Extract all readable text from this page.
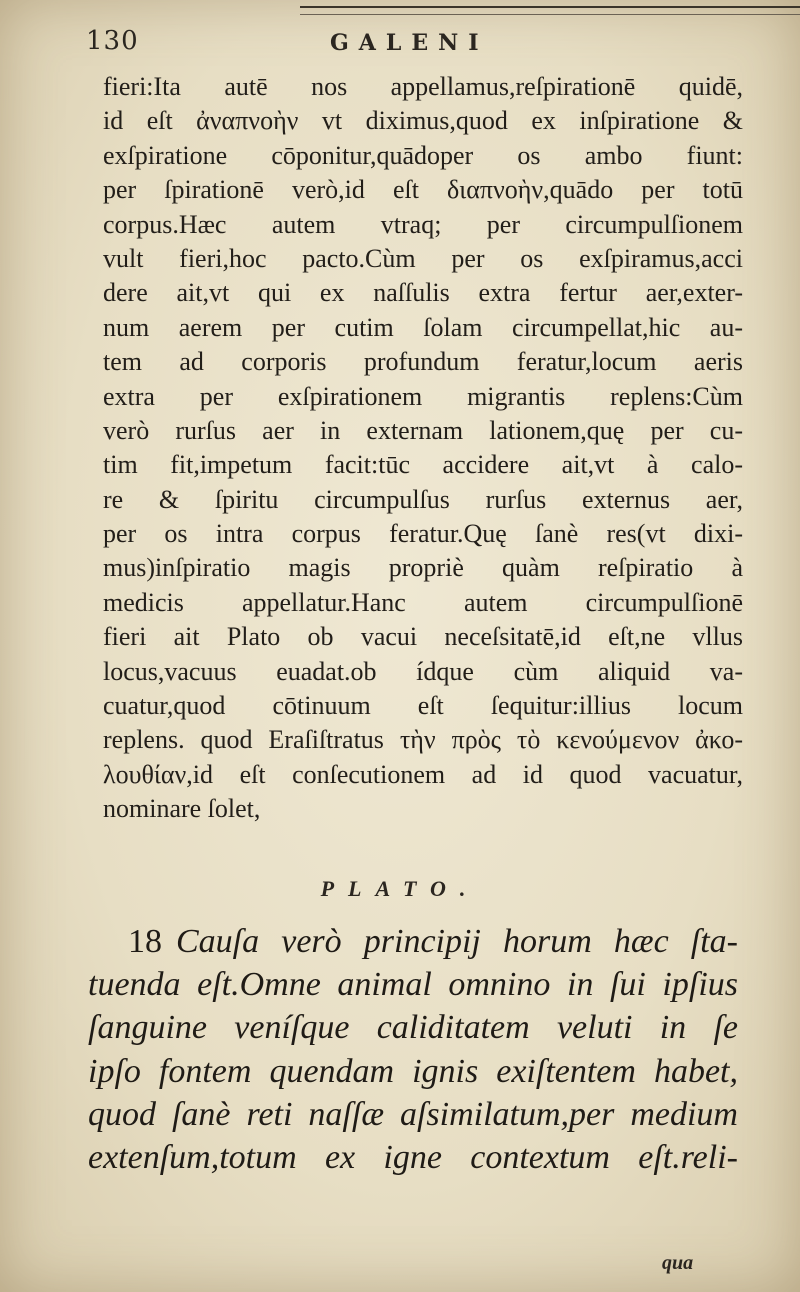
130	GALENI
fieri:Ita autē nos appellamus,reſpirationē quidē,
id eſt ἀναπνοὴν vt diximus,quod ex inſpiratione &
exſpiratione cōponitur,quādoper os ambo fiunt:
per ſpirationē verò,id eſt διαπνοὴν,quādo per totū
corpus.Hæc autem vtraq; per circumpulſionem
vult fieri,hoc pacto.Cùm per os exſpiramus,acci
dere ait,vt qui ex naſſulis extra fertur aer,exter-
num aerem per cutim ſolam circumpellat,hic au-
tem ad corporis profundum feratur,locum aeris
extra per exſpirationem migrantis replens:Cùm
verò rurſus aer in externam lationem,quę per cu-
tim fit,impetum facit:tūc accidere ait,vt à calo-
re & ſpiritu circumpulſus rurſus externus aer,
per os intra corpus feratur.Quę ſanè res(vt dixi-
mus)inſpiratio magis propriè quàm reſpiratio à
medicis appellatur.Hanc autem circumpulſionē
fieri ait Plato ob vacui neceſsitatē,id eſt,ne vllus
locus,vacuus euadat.ob ídque cùm aliquid va-
cuatur,quod cōtinuum eſt ſequitur:illius locum
replens. quod Eraſiſtratus τὴν πρὸς τὸ κενούμενον ἀκο-
λουθίαν,id eſt conſecutionem ad id quod vacuatur,
nominare ſolet,
PLATO.
18 Cauſa verò principij horum hæc ſta-
tuenda eſt.Omne animal omnino in ſui ipſius
ſanguine veníſque caliditatem veluti in ſe
ipſo fontem quendam ignis exiſtentem habet,
quod ſanè reti naſſæ aſsimilatum,per medium
extenſum,totum ex igne contextum eſt.reli-
qua
